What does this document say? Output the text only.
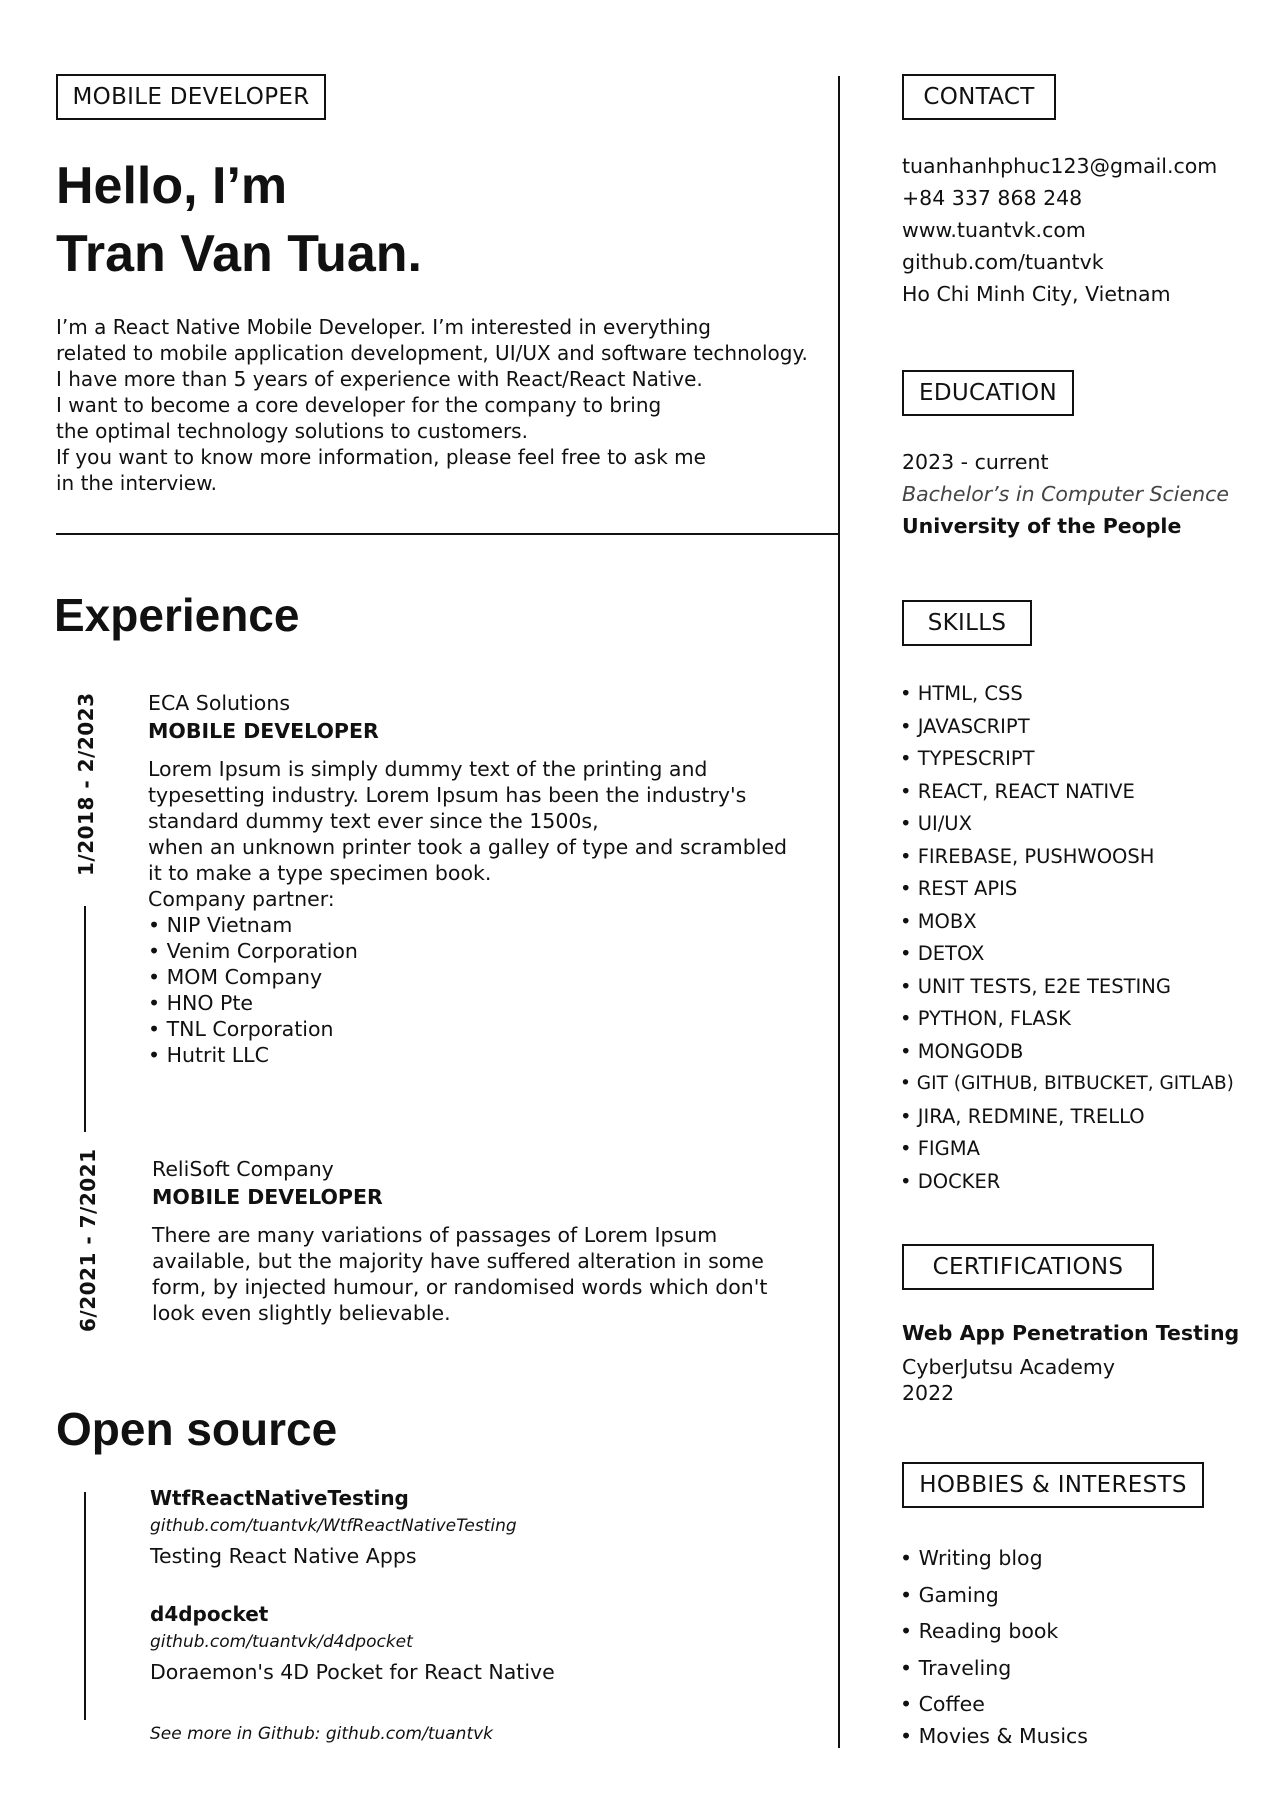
MOBILE DEVELOPER
Hello, I’m
Tran Van Tuan.
I’m a React Native Mobile Developer. I’m interested in everything
related to mobile application development, UI/UX and software technology.
I have more than 5 years of experience with React/React Native.
I want to become a core developer for the company to bring
the optimal technology solutions to customers.
If you want to know more information, please feel free to ask me
in the interview.
Experience
1/2018 - 2/2023 ECA Solutions
MOBILE DEVELOPER
Lorem Ipsum is simply dummy text of the printing and
typesetting industry. Lorem Ipsum has been the industry's
standard dummy text ever since the 1500s,
when an unknown printer took a galley of type and scrambled
it to make a type specimen book.
Company partner:
• NIP Vietnam
• Venim Corporation
• MOM Company
• HNO Pte
• TNL Corporation
• Hutrit LLC
6/2021 - 7/2021	ReliSoft Company
MOBILE DEVELOPER
There are many variations of passages of Lorem Ipsum
available, but the majority have suffered alteration in some
form, by injected humour, or randomised words which don't
look even slightly believable.
Open source
WtfReactNativeTesting
github.com/tuantvk/WtfReactNativeTesting
Testing React Native Apps
d4dpocket
github.com/tuantvk/d4dpocket
Doraemon's 4D Pocket for React Native
See more in Github: github.com/tuantvk
CONTACT
tuanhanhphuc123@gmail.com
+84 337 868 248
www.tuantvk.com
github.com/tuantvk
Ho Chi Minh City, Vietnam
EDUCATION
2023 - current
Bachelor’s in Computer Science
University of the People
SKILLS
• HTML, CSS
• JAVASCRIPT
• TYPESCRIPT
• REACT, REACT NATIVE
• UI/UX
• FIREBASE, PUSHWOOSH
• REST APIS
• MOBX
• DETOX
• UNIT TESTS, E2E TESTING
• PYTHON, FLASK
• MONGODB
• GIT (GITHUB, BITBUCKET, GITLAB)
• JIRA, REDMINE, TRELLO
• FIGMA
• DOCKER
CERTIFICATIONS
Web App Penetration Testing
CyberJutsu Academy
2022
HOBBIES & INTERESTS
• Writing blog
• Gaming
• Reading book
• Traveling
• Coffee
• Movies & Musics
